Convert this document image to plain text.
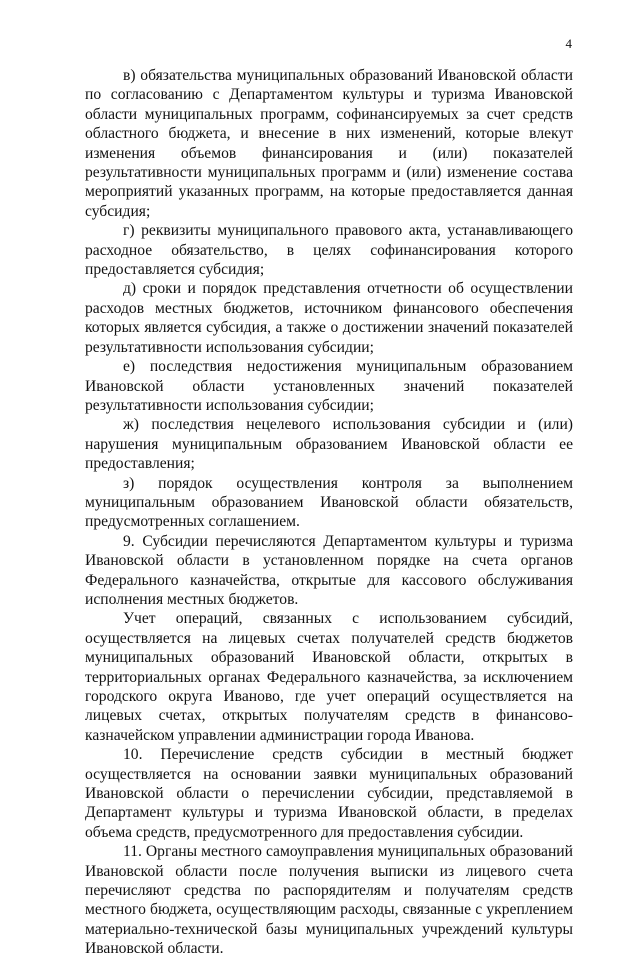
4

в) обязательства муниципальных образований Ивановской области по согласованию с Департаментом культуры и туризма Ивановской области муниципальных программ, софинансируемых за счет средств областного бюджета, и внесение в них изменений, которые влекут изменения объемов финансирования и (или) показателей результативности муниципальных программ и (или) изменение состава мероприятий указанных программ, на которые предоставляется данная субсидия;

г) реквизиты муниципального правового акта, устанавливающего расходное обязательство, в целях софинансирования которого предоставляется субсидия;

д) сроки и порядок представления отчетности об осуществлении расходов местных бюджетов, источником финансового обеспечения которых является субсидия, а также о достижении значений показателей результативности использования субсидии;

е) последствия недостижения муниципальным образованием Ивановской области установленных значений показателей результативности использования субсидии;

ж) последствия нецелевого использования субсидии и (или) нарушения муниципальным образованием Ивановской области ее предоставления;

з) порядок осуществления контроля за выполнением муниципальным образованием Ивановской области обязательств, предусмотренных соглашением.

9. Субсидии перечисляются Департаментом культуры и туризма Ивановской области в установленном порядке на счета органов Федерального казначейства, открытые для кассового обслуживания исполнения местных бюджетов.

Учет операций, связанных с использованием субсидий, осуществляется на лицевых счетах получателей средств бюджетов муниципальных образований Ивановской области, открытых в территориальных органах Федерального казначейства, за исключением городского округа Иваново, где учет операций осуществляется на лицевых счетах, открытых получателям средств в финансово-казначейском управлении администрации города Иванова.

10. Перечисление средств субсидии в местный бюджет осуществляется на основании заявки муниципальных образований Ивановской области о перечислении субсидии, представляемой в Департамент культуры и туризма Ивановской области, в пределах объема средств, предусмотренного для предоставления субсидии.

11. Органы местного самоуправления муниципальных образований Ивановской области после получения выписки из лицевого счета перечисляют средства по распорядителям и получателям средств местного бюджета, осуществляющим расходы, связанные с укреплением материально-технической базы муниципальных учреждений культуры Ивановской области.
